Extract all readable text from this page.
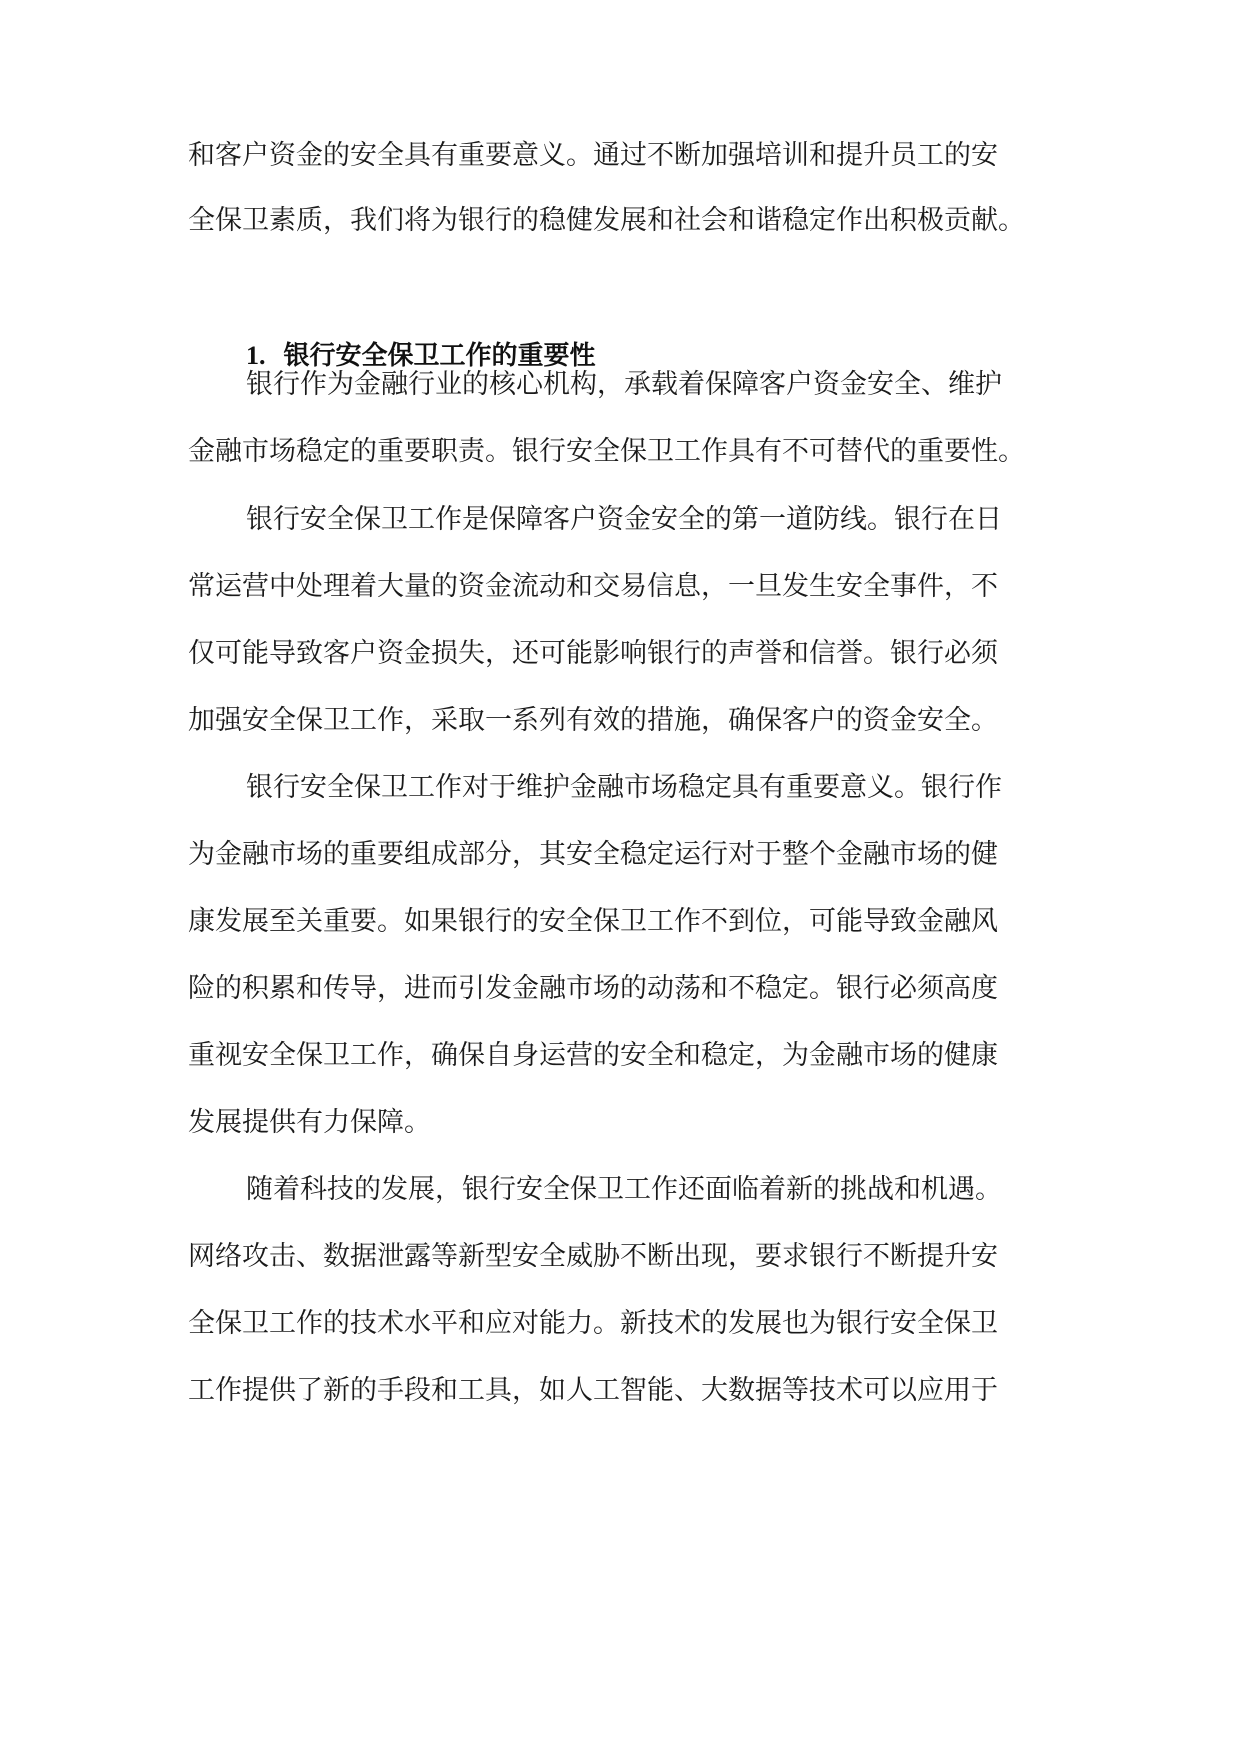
和客户资金的安全具有重要意义。通过不断加强培训和提升员工的安

全保卫素质，我们将为银行的稳健发展和社会和谐稳定作出积极贡献。

1. 银行安全保卫工作的重要性

银行作为金融行业的核心机构，承载着保障客户资金安全、维护

金融市场稳定的重要职责。银行安全保卫工作具有不可替代的重要性。

银行安全保卫工作是保障客户资金安全的第一道防线。银行在日

常运营中处理着大量的资金流动和交易信息，一旦发生安全事件，不

仅可能导致客户资金损失，还可能影响银行的声誉和信誉。银行必须

加强安全保卫工作，采取一系列有效的措施，确保客户的资金安全。

银行安全保卫工作对于维护金融市场稳定具有重要意义。银行作

为金融市场的重要组成部分，其安全稳定运行对于整个金融市场的健

康发展至关重要。如果银行的安全保卫工作不到位，可能导致金融风

险的积累和传导，进而引发金融市场的动荡和不稳定。银行必须高度

重视安全保卫工作，确保自身运营的安全和稳定，为金融市场的健康

发展提供有力保障。

随着科技的发展，银行安全保卫工作还面临着新的挑战和机遇。

网络攻击、数据泄露等新型安全威胁不断出现，要求银行不断提升安

全保卫工作的技术水平和应对能力。新技术的发展也为银行安全保卫

工作提供了新的手段和工具，如人工智能、大数据等技术可以应用于
